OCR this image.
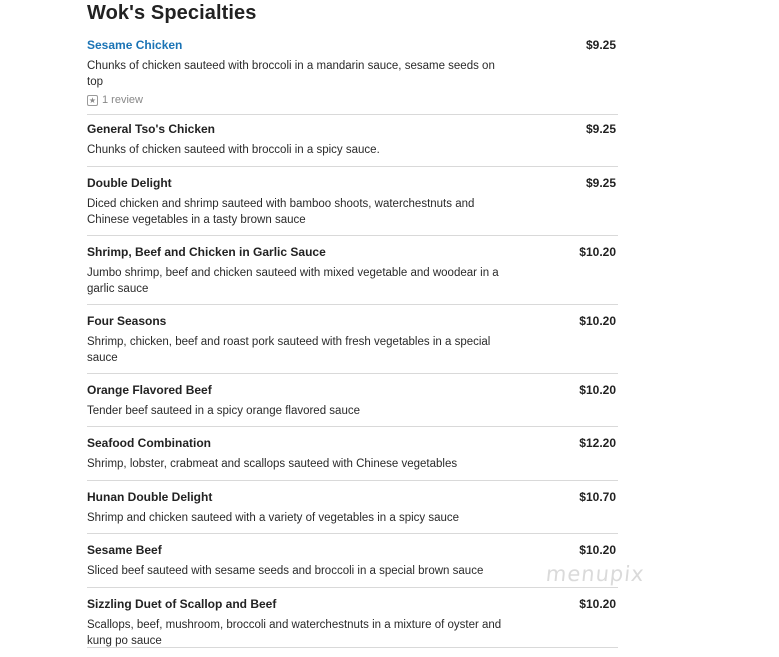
Wok's Specialties
Sesame Chicken	$9.25
Chunks of chicken sauteed with broccoli in a mandarin sauce, sesame seeds on top
★ 1 review
General Tso's Chicken	$9.25
Chunks of chicken sauteed with broccoli in a spicy sauce.
Double Delight	$9.25
Diced chicken and shrimp sauteed with bamboo shoots, waterchestnuts and Chinese vegetables in a tasty brown sauce
Shrimp, Beef and Chicken in Garlic Sauce	$10.20
Jumbo shrimp, beef and chicken sauteed with mixed vegetable and woodear in a garlic sauce
Four Seasons	$10.20
Shrimp, chicken, beef and roast pork sauteed with fresh vegetables in a special sauce
Orange Flavored Beef	$10.20
Tender beef sauteed in a spicy orange flavored sauce
Seafood Combination	$12.20
Shrimp, lobster, crabmeat and scallops sauteed with Chinese vegetables
Hunan Double Delight	$10.70
Shrimp and chicken sauteed with a variety of vegetables in a spicy sauce
Sesame Beef	$10.20
Sliced beef sauteed with sesame seeds and broccoli in a special brown sauce
Sizzling Duet of Scallop and Beef	$10.20
Scallops, beef, mushroom, broccoli and waterchestnuts in a mixture of oyster and kung po sauce
menupix
